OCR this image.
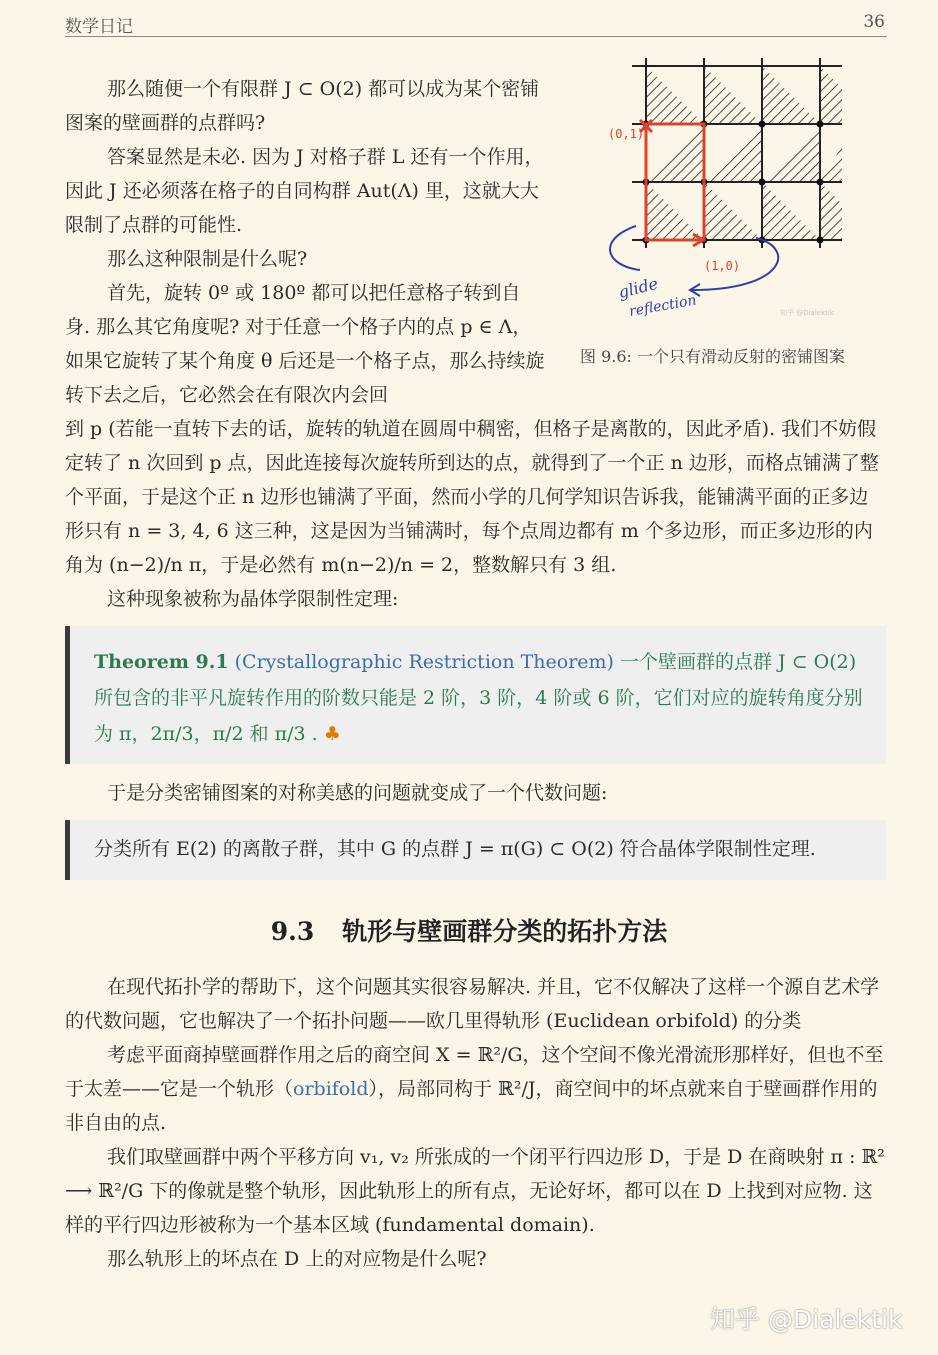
数学日记	36

那么随便一个有限群 J ⊂ O(2) 都可以成为某个密铺图案的壁画群的点群吗?

答案显然是未必. 因为 J 对格子群 L 还有一个作用，因此 J 还必须落在格子的自同构群 Aut(Λ) 里，这就大大限制了点群的可能性.

那么这种限制是什么呢?

首先，旋转 0º 或 180º 都可以把任意格子转到自身. 那么其它角度呢? 对于任意一个格子内的点 p ∈ Λ，如果它旋转了某个角度 θ 后还是一个格子点，那么持续旋转下去之后，它必然会在有限次内会回

(0,1)
(1,0)
glide
reflection	知乎 @Dialektik
图 9.6: 一个只有滑动反射的密铺图案

到 p (若能一直转下去的话，旋转的轨道在圆周中稠密，但格子是离散的，因此矛盾). 我们不妨假定转了 n 次回到 p 点，因此连接每次旋转所到达的点，就得到了一个正 n 边形，而格点铺满了整个平面，于是这个正 n 边形也铺满了平面，然而小学的几何学知识告诉我，能铺满平面的正多边形只有 n = 3, 4, 6 这三种，这是因为当铺满时，每个点周边都有 m 个多边形，而正多边形的内角为 (n−2)/n π，于是必然有 m(n−2)/n = 2，整数解只有 3 组.

这种现象被称为晶体学限制性定理:

Theorem 9.1 (Crystallographic Restriction Theorem) 一个壁画群的点群 J ⊂ O(2) 所包含的非平凡旋转作用的阶数只能是 2 阶，3 阶，4 阶或 6 阶，它们对应的旋转角度分别为 π，2π/3，π/2 和 π/3 . ♣
于是分类密铺图案的对称美感的问题就变成了一个代数问题:
分类所有 E(2) 的离散子群，其中 G 的点群 J = π(G) ⊂ O(2) 符合晶体学限制性定理.
9.3 轨形与壁画群分类的拓扑方法

在现代拓扑学的帮助下，这个问题其实很容易解决. 并且，它不仅解决了这样一个源自艺术学的代数问题，它也解决了一个拓扑问题——欧几里得轨形 (Euclidean orbifold) 的分类

考虑平面商掉壁画群作用之后的商空间 X = ℝ²/G，这个空间不像光滑流形那样好，但也不至于太差——它是一个轨形（orbifold），局部同构于 ℝ²/J，商空间中的坏点就来自于壁画群作用的非自由的点.

我们取壁画群中两个平移方向 v₁, v₂ 所张成的一个闭平行四边形 D，于是 D 在商映射 π : ℝ² ⟶ ℝ²/G 下的像就是整个轨形，因此轨形上的所有点，无论好坏，都可以在 D 上找到对应物. 这样的平行四边形被称为一个基本区域 (fundamental domain).

那么轨形上的坏点在 D 上的对应物是什么呢?

知乎 @Dialektik
